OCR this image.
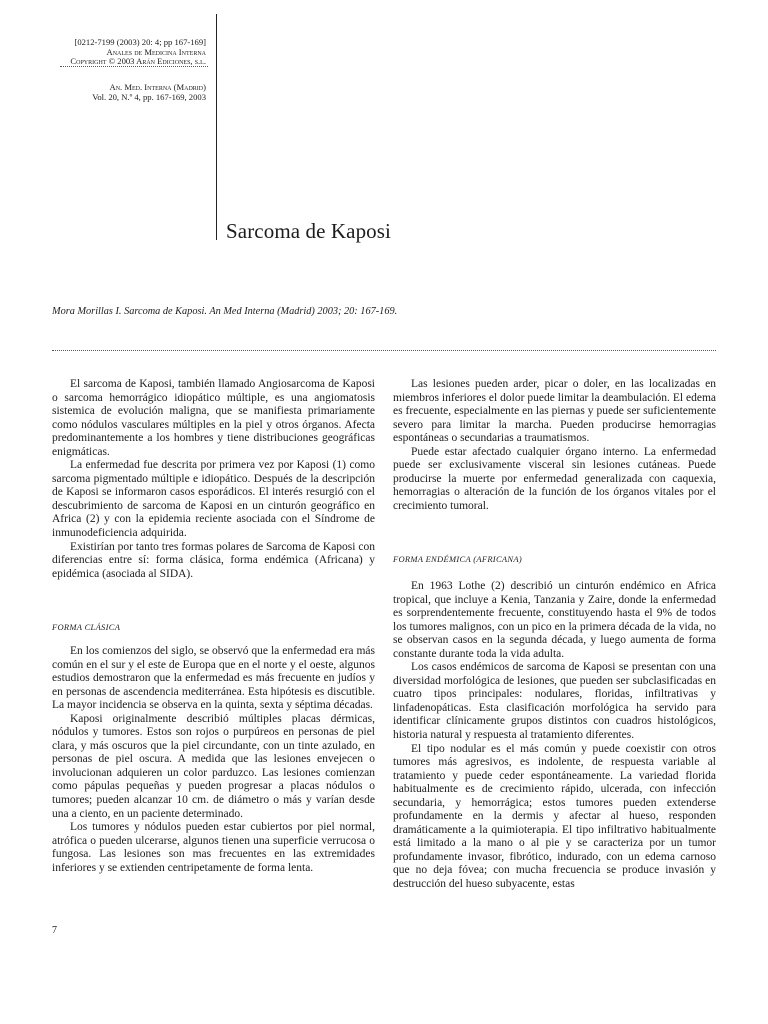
[0212-7199 (2003) 20: 4; pp 167-169]
Anales de Medicina Interna
Copyright © 2003 Arán Ediciones, s.l.
An. Med. Interna (Madrid)
Vol. 20, N.º 4, pp. 167-169, 2003
Sarcoma de Kaposi
Mora Morillas I. Sarcoma de Kaposi. An Med Interna (Madrid) 2003; 20: 167-169.

El sarcoma de Kaposi, también llamado Angiosarcoma de Kaposi o sarcoma hemorrágico idiopático múltiple, es una angiomatosis sistemica de evolución maligna, que se manifiesta primariamente como nódulos vasculares múltiples en la piel y otros órganos. Afecta predominantemente a los hombres y tiene distribuciones geográficas enigmáticas.

La enfermedad fue descrita por primera vez por Kaposi (1) como sarcoma pigmentado múltiple e idiopático. Después de la descripción de Kaposi se informaron casos esporádicos. El interés resurgió con el descubrimiento de sarcoma de Kaposi en un cinturón geográfico en Africa (2) y con la epidemia reciente asociada con el Síndrome de inmunodeficiencia adquirida.

Existirían por tanto tres formas polares de Sarcoma de Kaposi con diferencias entre sí: forma clásica, forma endémica (Africana) y epidémica (asociada al SIDA).

FORMA CLÁSICA

En los comienzos del siglo, se observó que la enfermedad era más común en el sur y el este de Europa que en el norte y el oeste, algunos estudios demostraron que la enfermedad es más frecuente en judíos y en personas de ascendencia mediterránea. Esta hipótesis es discutible. La mayor incidencia se observa en la quinta, sexta y séptima décadas.

Kaposi originalmente describió múltiples placas dérmicas, nódulos y tumores. Estos son rojos o purpúreos en personas de piel clara, y más oscuros que la piel circundante, con un tinte azulado, en personas de piel oscura. A medida que las lesiones envejecen o involucionan adquieren un color parduzco. Las lesiones comienzan como pápulas pequeñas y pueden progresar a placas nódulos o tumores; pueden alcanzar 10 cm. de diámetro o más y varían desde una a ciento, en un paciente determinado.

Los tumores y nódulos pueden estar cubiertos por piel normal, atrófica o pueden ulcerarse, algunos tienen una superficie verrucosa o fungosa. Las lesiones son mas frecuentes en las extremidades inferiores y se extienden centripetamente de forma lenta.

Las lesiones pueden arder, picar o doler, en las localizadas en miembros inferiores el dolor puede limitar la deambulación. El edema es frecuente, especialmente en las piernas y puede ser suficientemente severo para limitar la marcha. Pueden producirse hemorragias espontáneas o secundarias a traumatismos.

Puede estar afectado cualquier órgano interno. La enfermedad puede ser exclusivamente visceral sin lesiones cutáneas. Puede producirse la muerte por enfermedad generalizada con caquexia, hemorragias o alteración de la función de los órganos vitales por el crecimiento tumoral.

FORMA ENDÉMICA (AFRICANA)

En 1963 Lothe (2) describió un cinturón endémico en Africa tropical, que incluye a Kenia, Tanzania y Zaire, donde la enfermedad es sorprendentemente frecuente, constituyendo hasta el 9% de todos los tumores malignos, con un pico en la primera década de la vida, no se observan casos en la segunda década, y luego aumenta de forma constante durante toda la vida adulta.

Los casos endémicos de sarcoma de Kaposi se presentan con una diversidad morfológica de lesiones, que pueden ser subclasificadas en cuatro tipos principales: nodulares, floridas, infiltrativas y linfadenopáticas. Esta clasificación morfológica ha servido para identificar clínicamente grupos distintos con cuadros histológicos, historia natural y respuesta al tratamiento diferentes.

El tipo nodular es el más común y puede coexistir con otros tumores más agresivos, es indolente, de respuesta variable al tratamiento y puede ceder espontáneamente. La variedad florida habitualmente es de crecimiento rápido, ulcerada, con infección secundaria, y hemorrágica; estos tumores pueden extenderse profundamente en la dermis y afectar al hueso, responden dramáticamente a la quimioterapia. El tipo infiltrativo habitualmente está limitado a la mano o al pie y se caracteriza por un tumor profundamente invasor, fibrótico, indurado, con un edema carnoso que no deja fóvea; con mucha frecuencia se produce invasión y destrucción del hueso subyacente, estas

7
